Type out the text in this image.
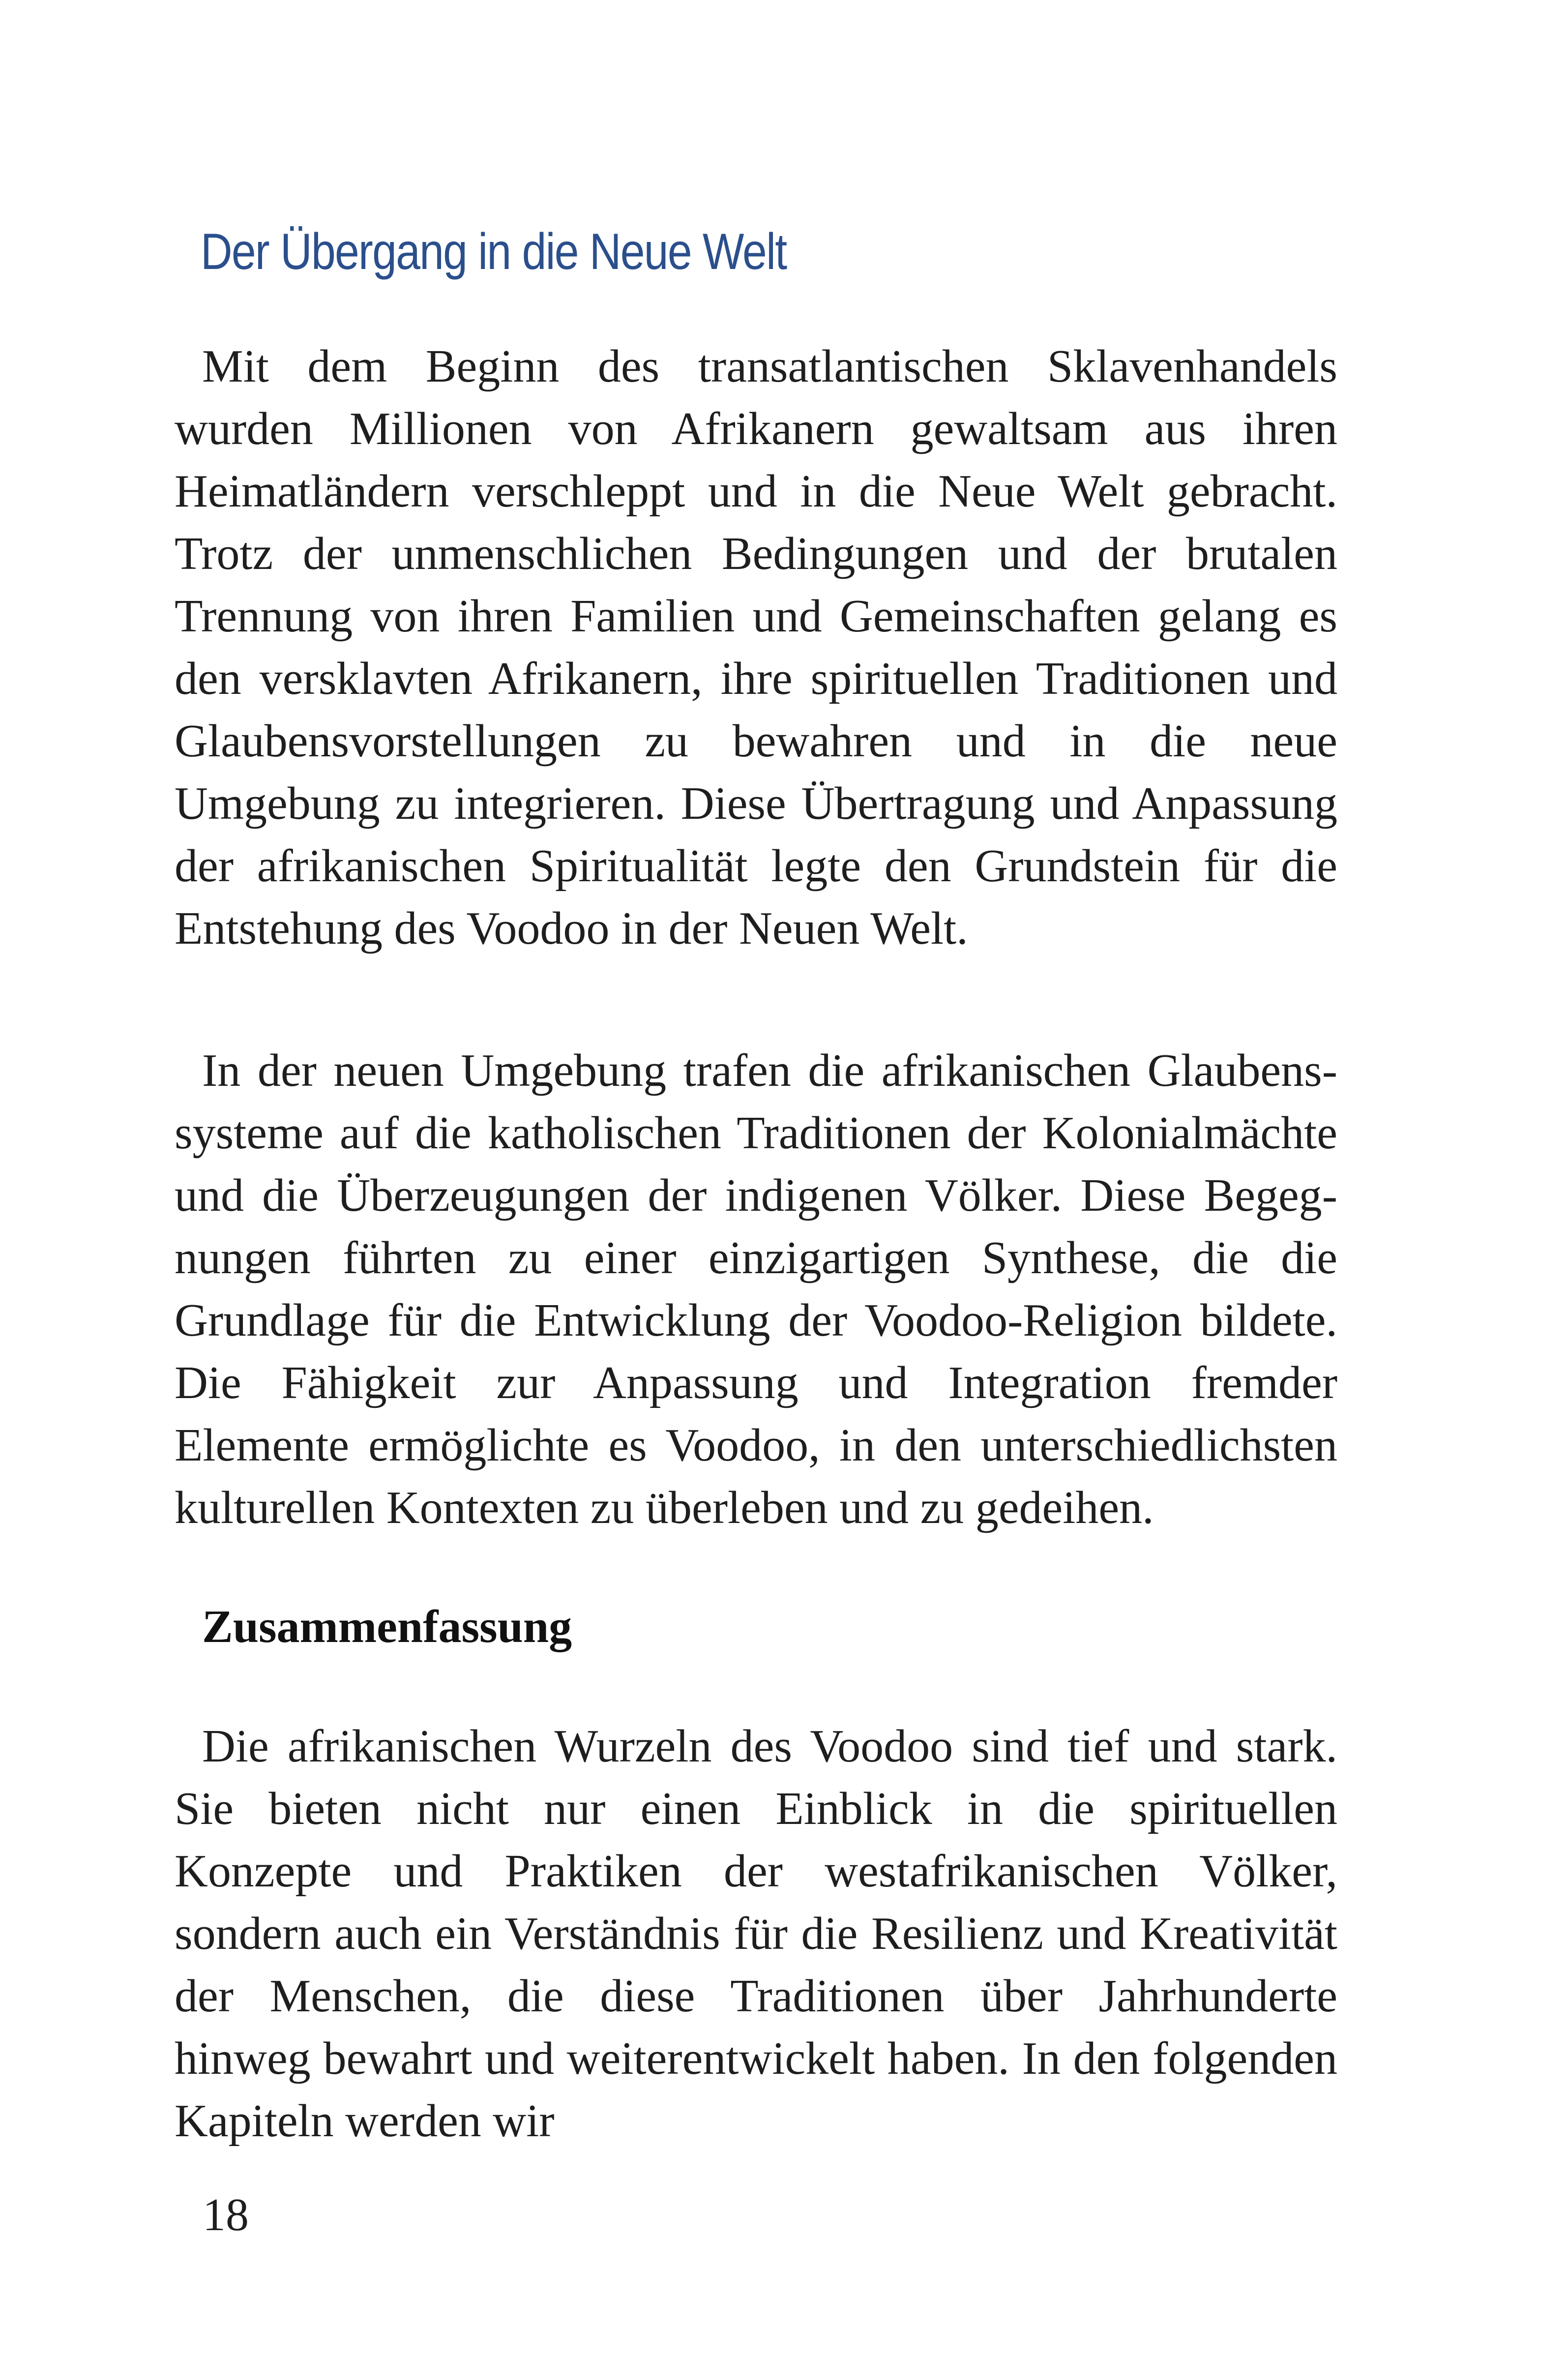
Der Übergang in die Neue Welt

Mit dem Beginn des transatlantischen Sklavenhandels wurden Millionen von Afrikanern gewaltsam aus ihren Heimatländern verschleppt und in die Neue Welt gebracht. Trotz der unmenschlichen Bedingungen und der brutalen Trennung von ihren Familien und Gemeinschaften gelang es den versklavten Afrikanern, ihre spirituellen Traditionen und Glaubensvorstellungen zu bewahren und in die neue Umgebung zu integrieren. Diese Übertragung und Anpassung der afrikanischen Spiritualität legte den Grundstein für die Entstehung des Voodoo in der Neuen Welt.

In der neuen Umgebung trafen die afrikanischen Glaubenssysteme auf die katholischen Traditionen der Kolonialmächte und die Überzeugungen der indigenen Völker. Diese Begegnungen führten zu einer einzigartigen Synthese, die die Grundlage für die Entwicklung der Voodoo-Religion bildete. Die Fähigkeit zur Anpassung und Integration fremder Elemente ermöglichte es Voodoo, in den unterschiedlichsten kulturellen Kontexten zu überleben und zu gedeihen.

Zusammenfassung

Die afrikanischen Wurzeln des Voodoo sind tief und stark. Sie bieten nicht nur einen Einblick in die spirituellen Konzepte und Praktiken der westafrikanischen Völker, sondern auch ein Verständnis für die Resilienz und Kreativität der Menschen, die diese Traditionen über Jahrhunderte hinweg bewahrt und weiterentwickelt haben. In den folgenden Kapiteln werden wir

18
